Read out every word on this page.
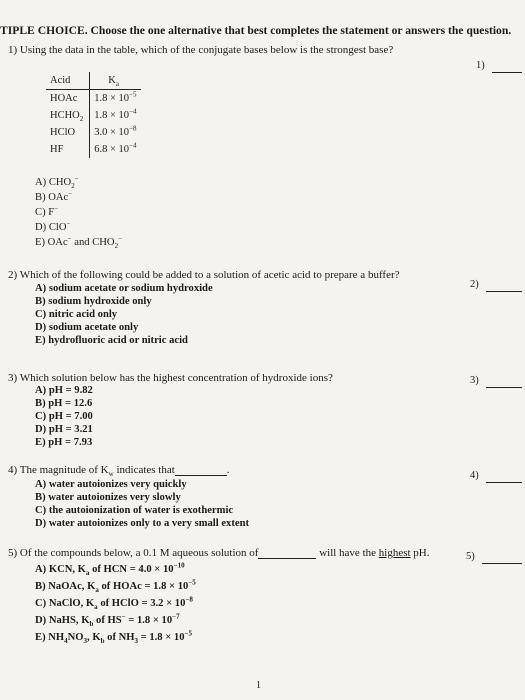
TIPLE CHOICE. Choose the one alternative that best completes the statement or answers the question.
1) Using the data in the table, which of the conjugate bases below is the strongest base?
1)
Acid	$K_a$
HOAc	$1.8 \times 10^{-5}$
$HCHO_2$	$1.8 \times 10^{-4}$
HClO	$3.0 \times 10^{-8}$
HF	$6.8 \times 10^{-4}$
A) $CHO_2^-$
B) OAc−
C) F−
D) ClO−
E) OAc− and $CHO_2^-$
2) Which of the following could be added to a solution of acetic acid to prepare a buffer?
2)
A) sodium acetate or sodium hydroxide
B) sodium hydroxide only
C) nitric acid only
D) sodium acetate only
E) hydrofluoric acid or nitric acid
3) Which solution below has the highest concentration of hydroxide ions?	3)
A) pH = 9.82
B) pH = 12.6
C) pH = 7.00
D) pH = 3.21
E) pH = 7.93
4) The magnitude of $K_w$ indicates that	.	4)
A) water autoionizes very quickly
B) water autoionizes very slowly
C) the autoionization of water is exothermic
D) water autoionizes only to a very small extent
5) Of the compounds below, a 0.1 M aqueous solution of	will have the highest pH.	5)
A) KCN, $K_a$ of HCN = $4.0 \times 10^{-10}$
B) NaOAc, $K_a$ of HOAc = $1.8 \times 10^{-5}$
C) NaClO, $K_a$ of HClO = $3.2 \times 10^{-8}$
D) NaHS, $K_b$ of $HS^- = 1.8 \times 10^{-7}$
E) $NH_4NO_3$, $K_b$ of $NH_3 = 1.8 \times 10^{-5}$
1
